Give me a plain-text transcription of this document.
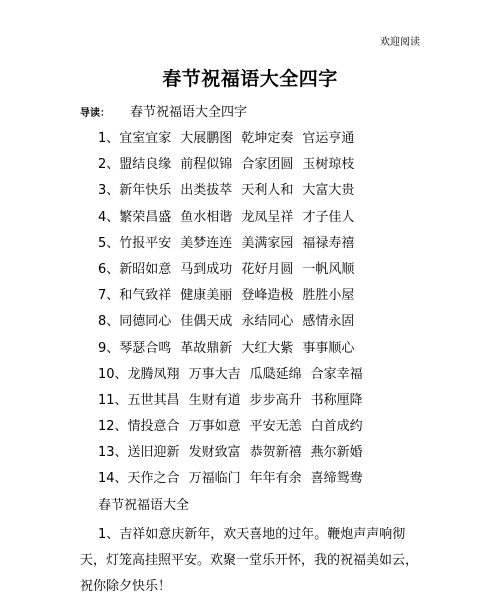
欢迎阅读
春节祝福语大全四字
导读： 春节祝福语大全四字
1、宜室宜家 大展鹏图 乾坤定奏 官运亨通
2、盟结良缘 前程似锦 合家团圆 玉树琼枝
3、新年快乐 出类拔萃 天利人和 大富大贵
4、繁荣昌盛 鱼水相谐 龙凤呈祥 才子佳人
5、竹报平安 美梦连连 美满家园 福禄寿禧
6、新昭如意 马到成功 花好月圆 一帆风顺
7、和气致祥 健康美丽 登峰造极 胜胜小屋
8、同德同心 佳偶天成 永结同心 感情永固
9、琴瑟合鸣 革故鼎新 大红大紫 事事顺心
10、龙腾凤翔 万事大吉 瓜瓞延绵 合家幸福
11、五世其昌 生财有道 步步高升 书称厘降
12、情投意合 万事如意 平安无恙 白首成约
13、送旧迎新 发财致富 恭贺新禧 燕尔新婚
14、天作之合 万福临门 年年有余 喜缔鸳鸯
春节祝福语大全
1、吉祥如意庆新年，欢天喜地的过年。鞭炮声声响彻天，灯笼高挂照平安。欢聚一堂乐开怀，我的祝福美如云，祝你除夕快乐！
